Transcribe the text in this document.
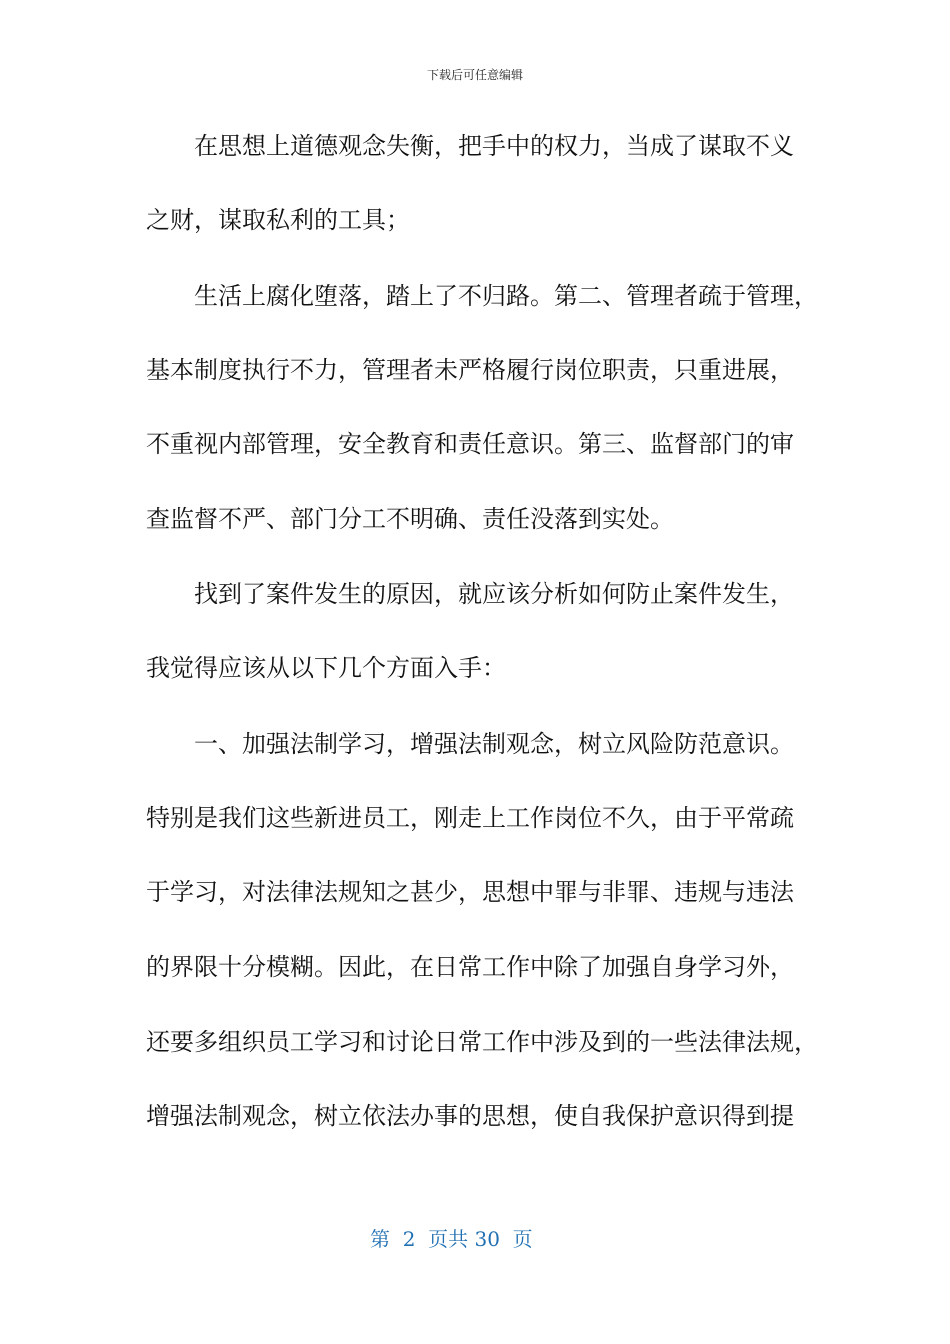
下载后可任意编辑
在思想上道德观念失衡，把手中的权力，当成了谋取不义
之财，谋取私利的工具；
生活上腐化堕落，踏上了不归路。第二、管理者疏于管理，
基本制度执行不力，管理者未严格履行岗位职责，只重进展，
不重视内部管理，安全教育和责任意识。第三、监督部门的审
查监督不严、部门分工不明确、责任没落到实处。
找到了案件发生的原因，就应该分析如何防止案件发生，
我觉得应该从以下几个方面入手：
一、加强法制学习，增强法制观念，树立风险防范意识。
特别是我们这些新进员工，刚走上工作岗位不久，由于平常疏
于学习，对法律法规知之甚少，思想中罪与非罪、违规与违法
的界限十分模糊。因此，在日常工作中除了加强自身学习外，
还要多组织员工学习和讨论日常工作中涉及到的一些法律法规，
增强法制观念，树立依法办事的思想，使自我保护意识得到提
第  2  页共 30  页
